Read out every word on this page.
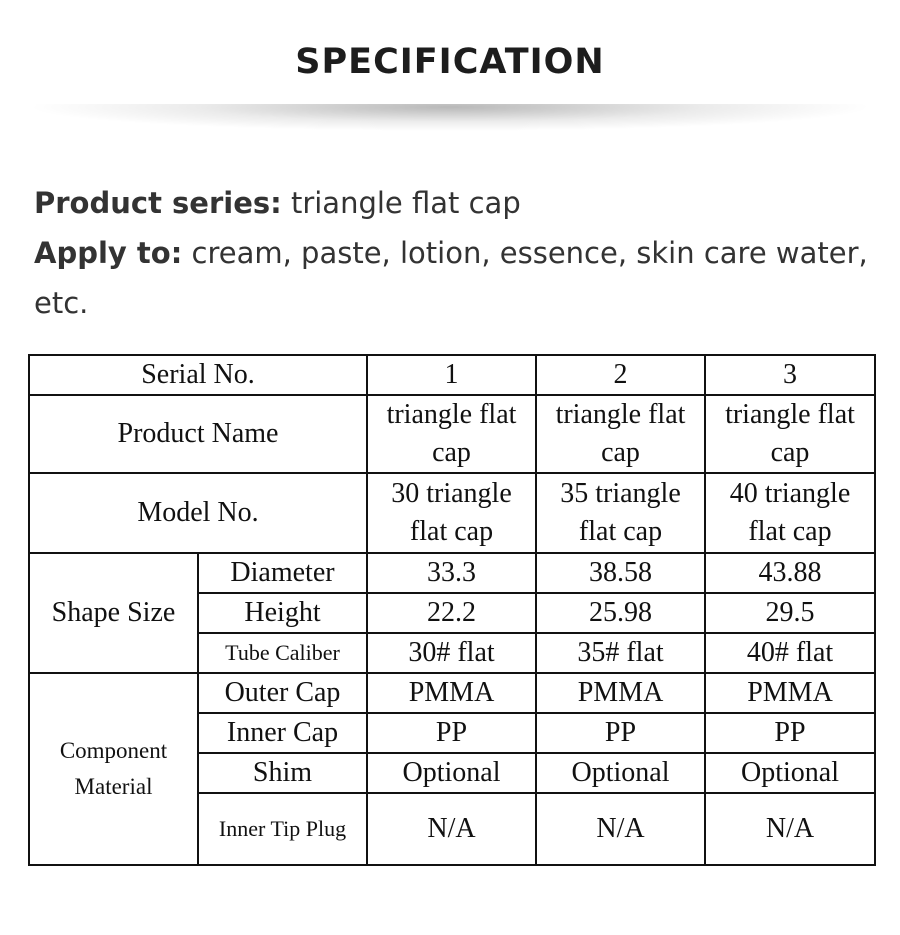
SPECIFICATION
Product series: triangle flat cap
Apply to: cream, paste, lotion, essence, skin care water, etc.
Serial No.		1	2	3
Product Name		triangle flat cap	triangle flat cap	triangle flat cap
Model No.		30 triangle flat cap	35 triangle flat cap	40 triangle flat cap
Shape Size	Diameter	33.3	38.58	43.88
	Height	22.2	25.98	29.5
	Tube Caliber	30# flat	35# flat	40# flat
Component Material	Outer Cap	PMMA	PMMA	PMMA
	Inner Cap	PP	PP	PP
	Shim	Optional	Optional	Optional
	Inner Tip Plug	N/A	N/A	N/A
